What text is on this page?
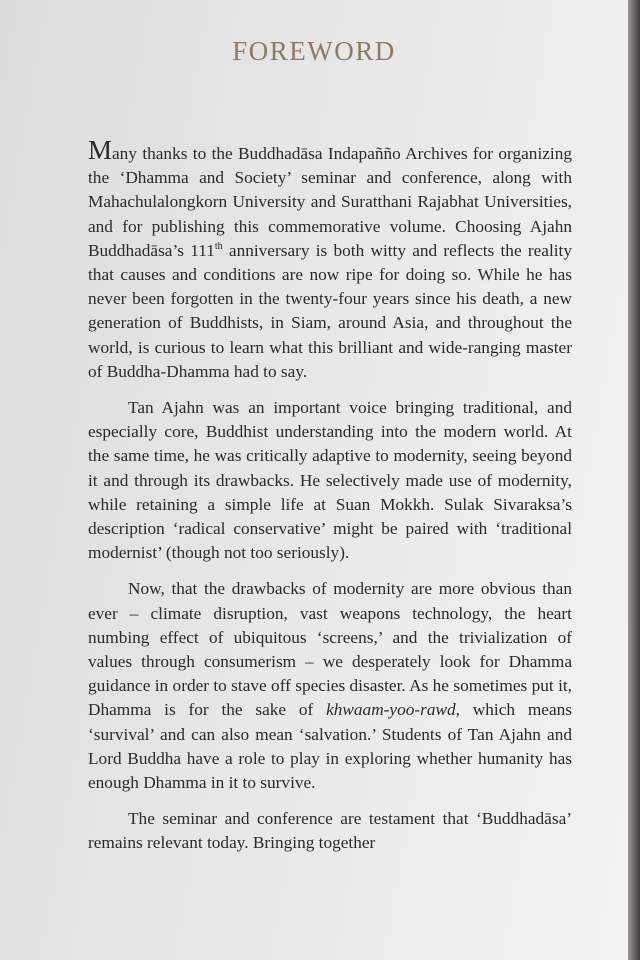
FOREWORD

Many thanks to the Buddhadāsa Indapañño Archives for organizing the ‘Dhamma and Society’ seminar and conference, along with Mahachulalongkorn University and Suratthani Rajabhat Universities, and for publishing this commemorative volume. Choosing Ajahn Buddhadāsa’s 111th anniversary is both witty and reflects the reality that causes and conditions are now ripe for doing so. While he has never been forgotten in the twenty-four years since his death, a new generation of Buddhists, in Siam, around Asia, and throughout the world, is curious to learn what this brilliant and wide-ranging master of Buddha-Dhamma had to say.

Tan Ajahn was an important voice bringing traditional, and especially core, Buddhist understanding into the modern world. At the same time, he was critically adaptive to modernity, seeing beyond it and through its drawbacks. He selectively made use of modernity, while retaining a simple life at Suan Mokkh. Sulak Sivaraksa’s description ‘radical conservative’ might be paired with ‘traditional modernist’ (though not too seriously).

Now, that the drawbacks of modernity are more obvious than ever – climate disruption, vast weapons technology, the heart numbing effect of ubiquitous ‘screens,’ and the trivialization of values through consumerism – we desperately look for Dhamma guidance in order to stave off species disaster. As he sometimes put it, Dhamma is for the sake of khwaam-yoo-rawd, which means ‘survival’ and can also mean ‘salvation.’ Students of Tan Ajahn and Lord Buddha have a role to play in exploring whether humanity has enough Dhamma in it to survive.

The seminar and conference are testament that ‘Buddhadāsa’ remains relevant today. Bringing together
